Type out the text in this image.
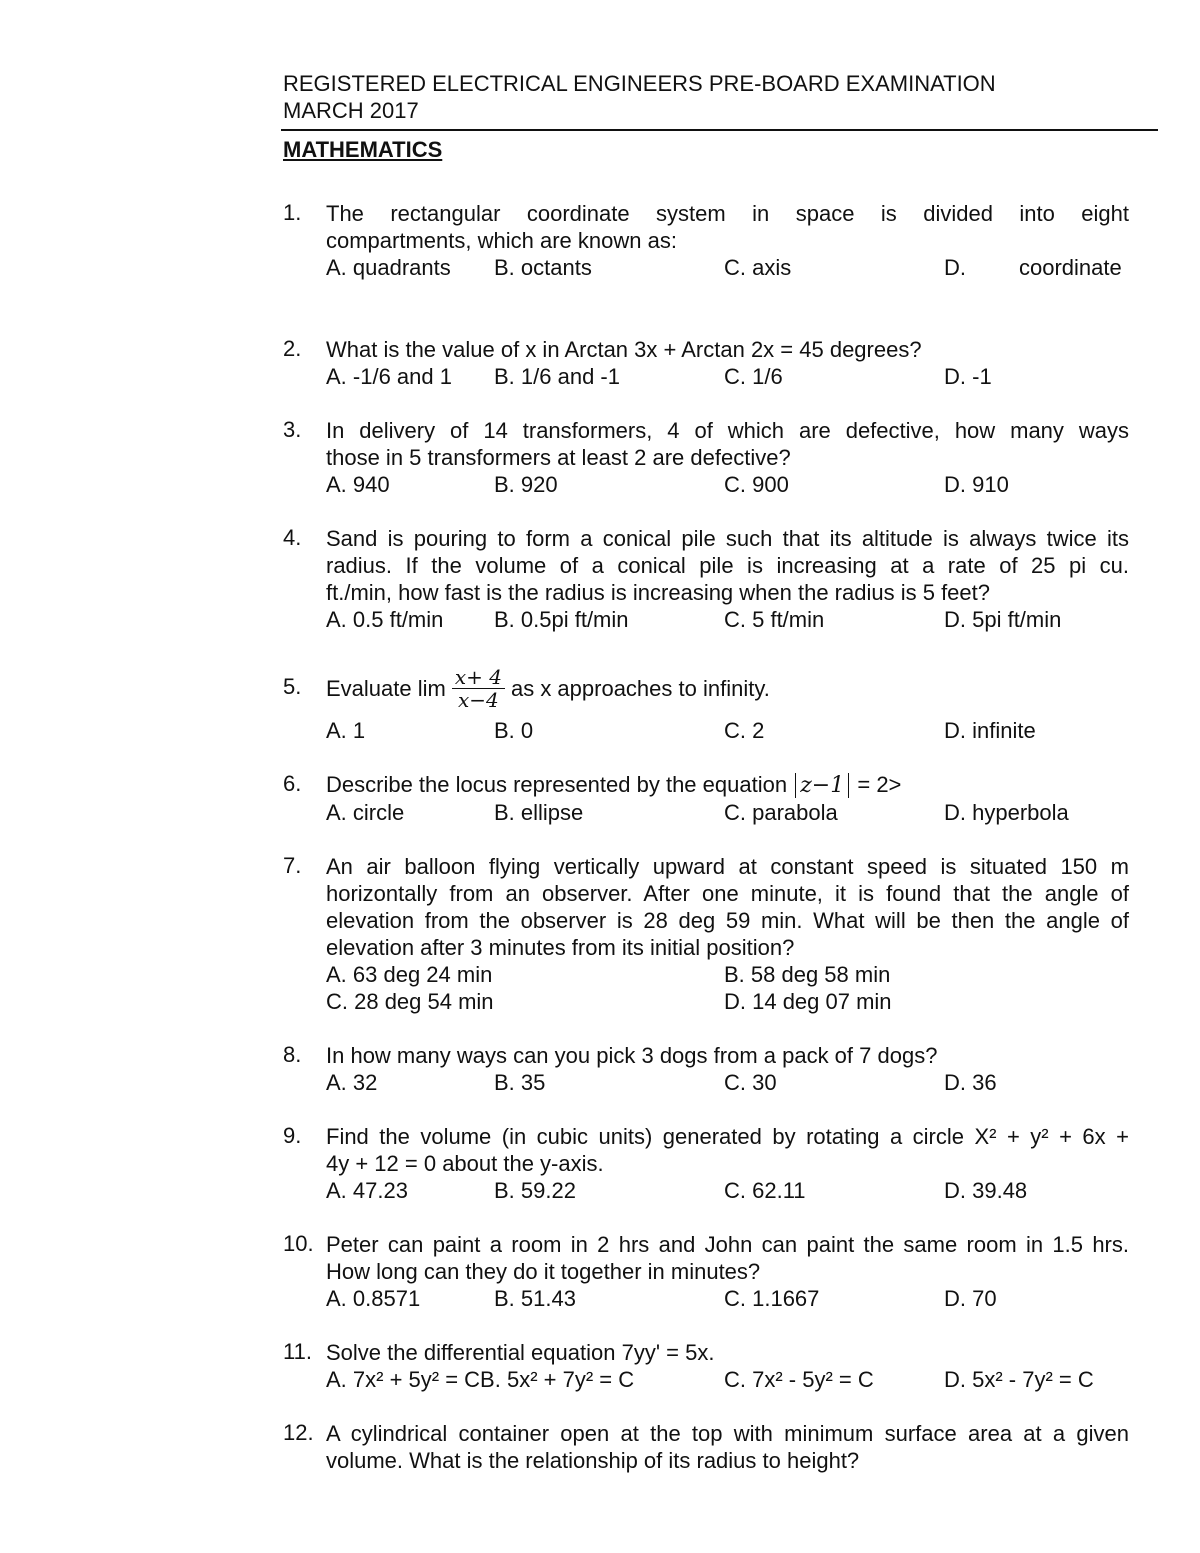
REGISTERED ELECTRICAL ENGINEERS PRE-BOARD EXAMINATION
MARCH 2017
MATHEMATICS
1.	The rectangular coordinate system in space is divided into eight
compartments, which are known as:
A. quadrants B. octants	C. axis	D. coordinate
2.	What is the value of x in Arctan 3x + Arctan 2x = 45 degrees?
A. -1/6 and 1 B. 1/6 and -1	C. 1/6	D. -1
3.	In delivery of 14 transformers, 4 of which are defective, how many ways
those in 5 transformers at least 2 are defective?
A. 940	B. 920	C. 900	D. 910
4.	Sand is pouring to form a conical pile such that its altitude is always twice its
radius. If the volume of a conical pile is increasing at a rate of 25 pi cu.
ft./min, how fast is the radius is increasing when the radius is 5 feet?
A. 0.5 ft/min B. 0.5pi ft/min	C. 5 ft/min	D. 5pi ft/min
5.	Evaluate $\lim \frac{x+ 4}{x-4}$ as x approaches to infinity.
A. 1	B. 0	C. 2	D. infinite
6.	Describe the locus represented by the equation z−1 = 2>
A. circle	B. ellipse	C. parabola	D. hyperbola
7.	An air balloon flying vertically upward at constant speed is situated 150 m
horizontally from an observer. After one minute, it is found that the angle of
elevation from the observer is 28 deg 59 min. What will be then the angle of
elevation after 3 minutes from its initial position?
A. 63 deg 24 min	B. 58 deg 58 min
C. 28 deg 54 min	D. 14 deg 07 min
8.	In how many ways can you pick 3 dogs from a pack of 7 dogs?
A. 32	B. 35	C. 30	D. 36
9.	Find the volume (in cubic units) generated by rotating a circle X² + y² + 6x +
4y + 12 = 0 about the y-axis.
A. 47.23	B. 59.22	C. 62.11	D. 39.48
10. Peter can paint a room in 2 hrs and John can paint the same room in 1.5 hrs.
How long can they do it together in minutes?
A. 0.8571	B. 51.43	C. 1.1667	D. 70
11. Solve the differential equation 7yy' = 5x.
A. 7x² + 5y² = CB. 5x² + 7y² = C	C. 7x² - 5y² = C	D. 5x² - 7y² = C
12. A cylindrical container open at the top with minimum surface area at a given
volume. What is the relationship of its radius to height?
